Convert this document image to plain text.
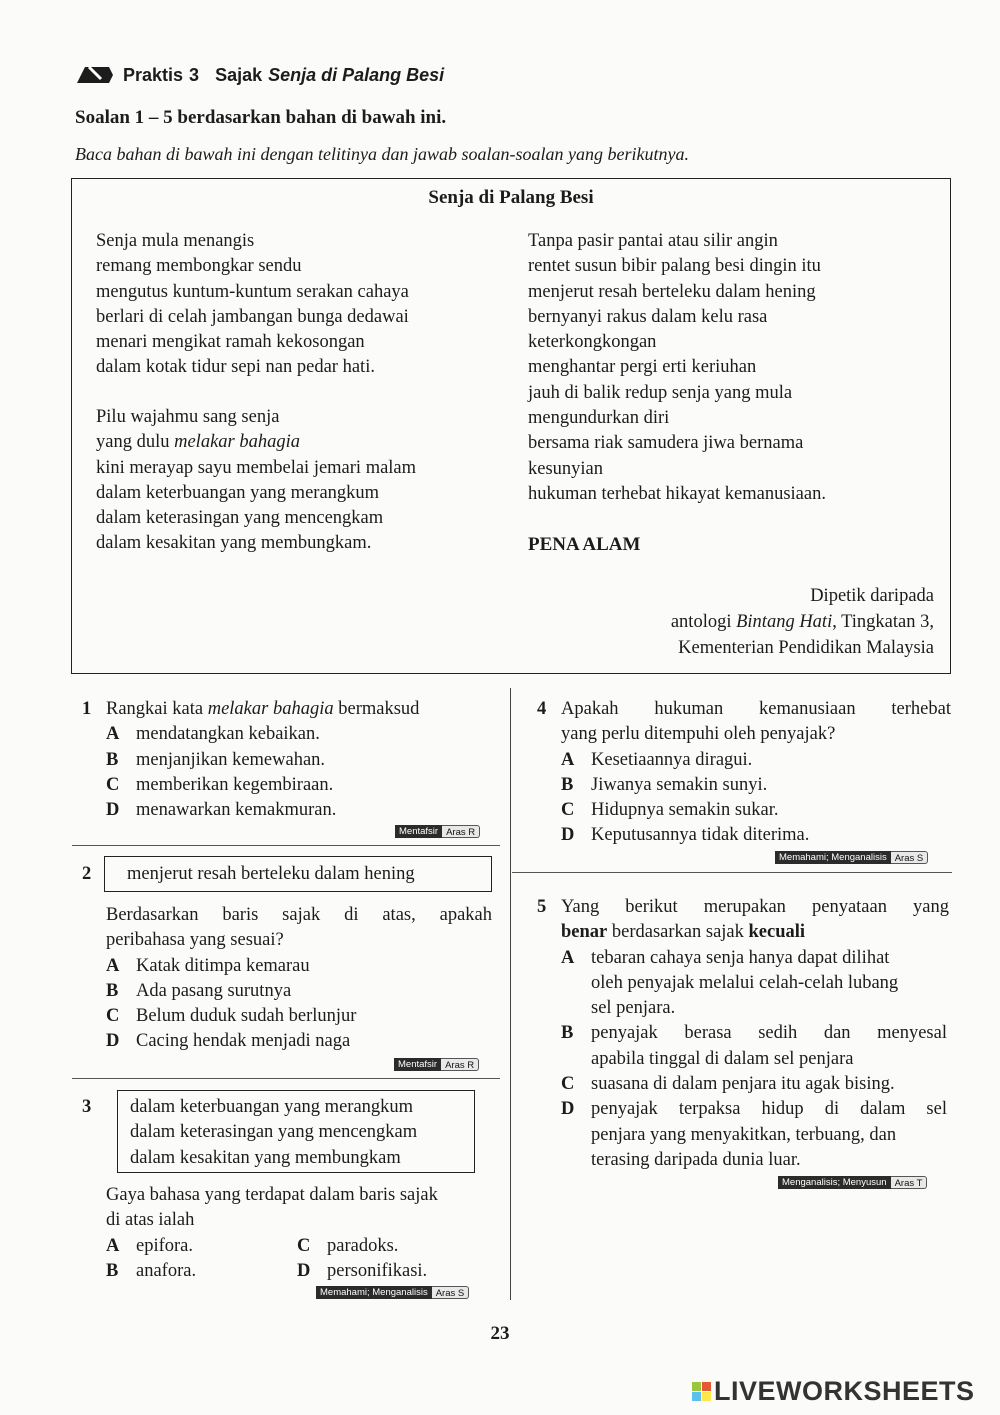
Praktis 3 Sajak Senja di Palang Besi
Soalan 1 – 5 berdasarkan bahan di bawah ini.
Baca bahan di bawah ini dengan telitinya dan jawab soalan-soalan yang berikutnya.
Senja di Palang Besi
Senja mula menangis
remang membongkar sendu
mengutus kuntum-kuntum serakan cahaya
berlari di celah jambangan bunga dedawai
menari mengikat ramah kekosongan
dalam kotak tidur sepi nan pedar hati.
Pilu wajahmu sang senja
yang dulu melakar bahagia
kini merayap sayu membelai jemari malam
dalam keterbuangan yang merangkum
dalam keterasingan yang mencengkam
dalam kesakitan yang membungkam.
Tanpa pasir pantai atau silir angin
rentet susun bibir palang besi dingin itu
menjerut resah berteleku dalam hening
bernyanyi rakus dalam kelu rasa
keterkongkongan
menghantar pergi erti keriuhan
jauh di balik redup senja yang mula
mengundurkan diri
bersama riak samudera jiwa bernama
kesunyian
hukuman terhebat hikayat kemanusiaan.
PENA ALAM
Dipetik daripada
antologi Bintang Hati, Tingkatan 3,
Kementerian Pendidikan Malaysia
1 Rangkai kata melakar bahagia bermaksud
A mendatangkan kebaikan.
B menjanjikan kemewahan.
C memberikan kegembiraan.
D menawarkan kemakmuran.
Mentafsir Aras R
2	menjerut resah berteleku dalam hening
Berdasarkan baris sajak di atas, apakah
peribahasa yang sesuai?
A Katak ditimpa kemarau
B Ada pasang surutnya
C Belum duduk sudah berlunjur
D Cacing hendak menjadi naga
Mentafsir Aras R
3 dalam keterbuangan yang merangkum
dalam keterasingan yang mencengkam
dalam kesakitan yang membungkam
Gaya bahasa yang terdapat dalam baris sajak
di atas ialah
A epifora.
B anafora.
C paradoks.
D personifikasi.
Memahami; Menganalisis Aras S
4 Apakah hukuman kemanusiaan terhebat
yang perlu ditempuhi oleh penyajak?
A Kesetiaannya diragui.
B Jiwanya semakin sunyi.
C Hidupnya semakin sukar.
D Keputusannya tidak diterima.
Memahami; Menganalisis Aras S
5 Yang berikut merupakan penyataan yang
benar berdasarkan sajak kecuali
A tebaran cahaya senja hanya dapat dilihat
oleh penyajak melalui celah-celah lubang
sel penjara.
B penyajak berasa sedih dan menyesal
apabila tinggal di dalam sel penjara
C suasana di dalam penjara itu agak bising.
D penyajak terpaksa hidup di dalam sel
penjara yang menyakitkan, terbuang, dan
terasing daripada dunia luar.
Menganalisis; Menyusun Aras T
23
LIVEWORKSHEETS
